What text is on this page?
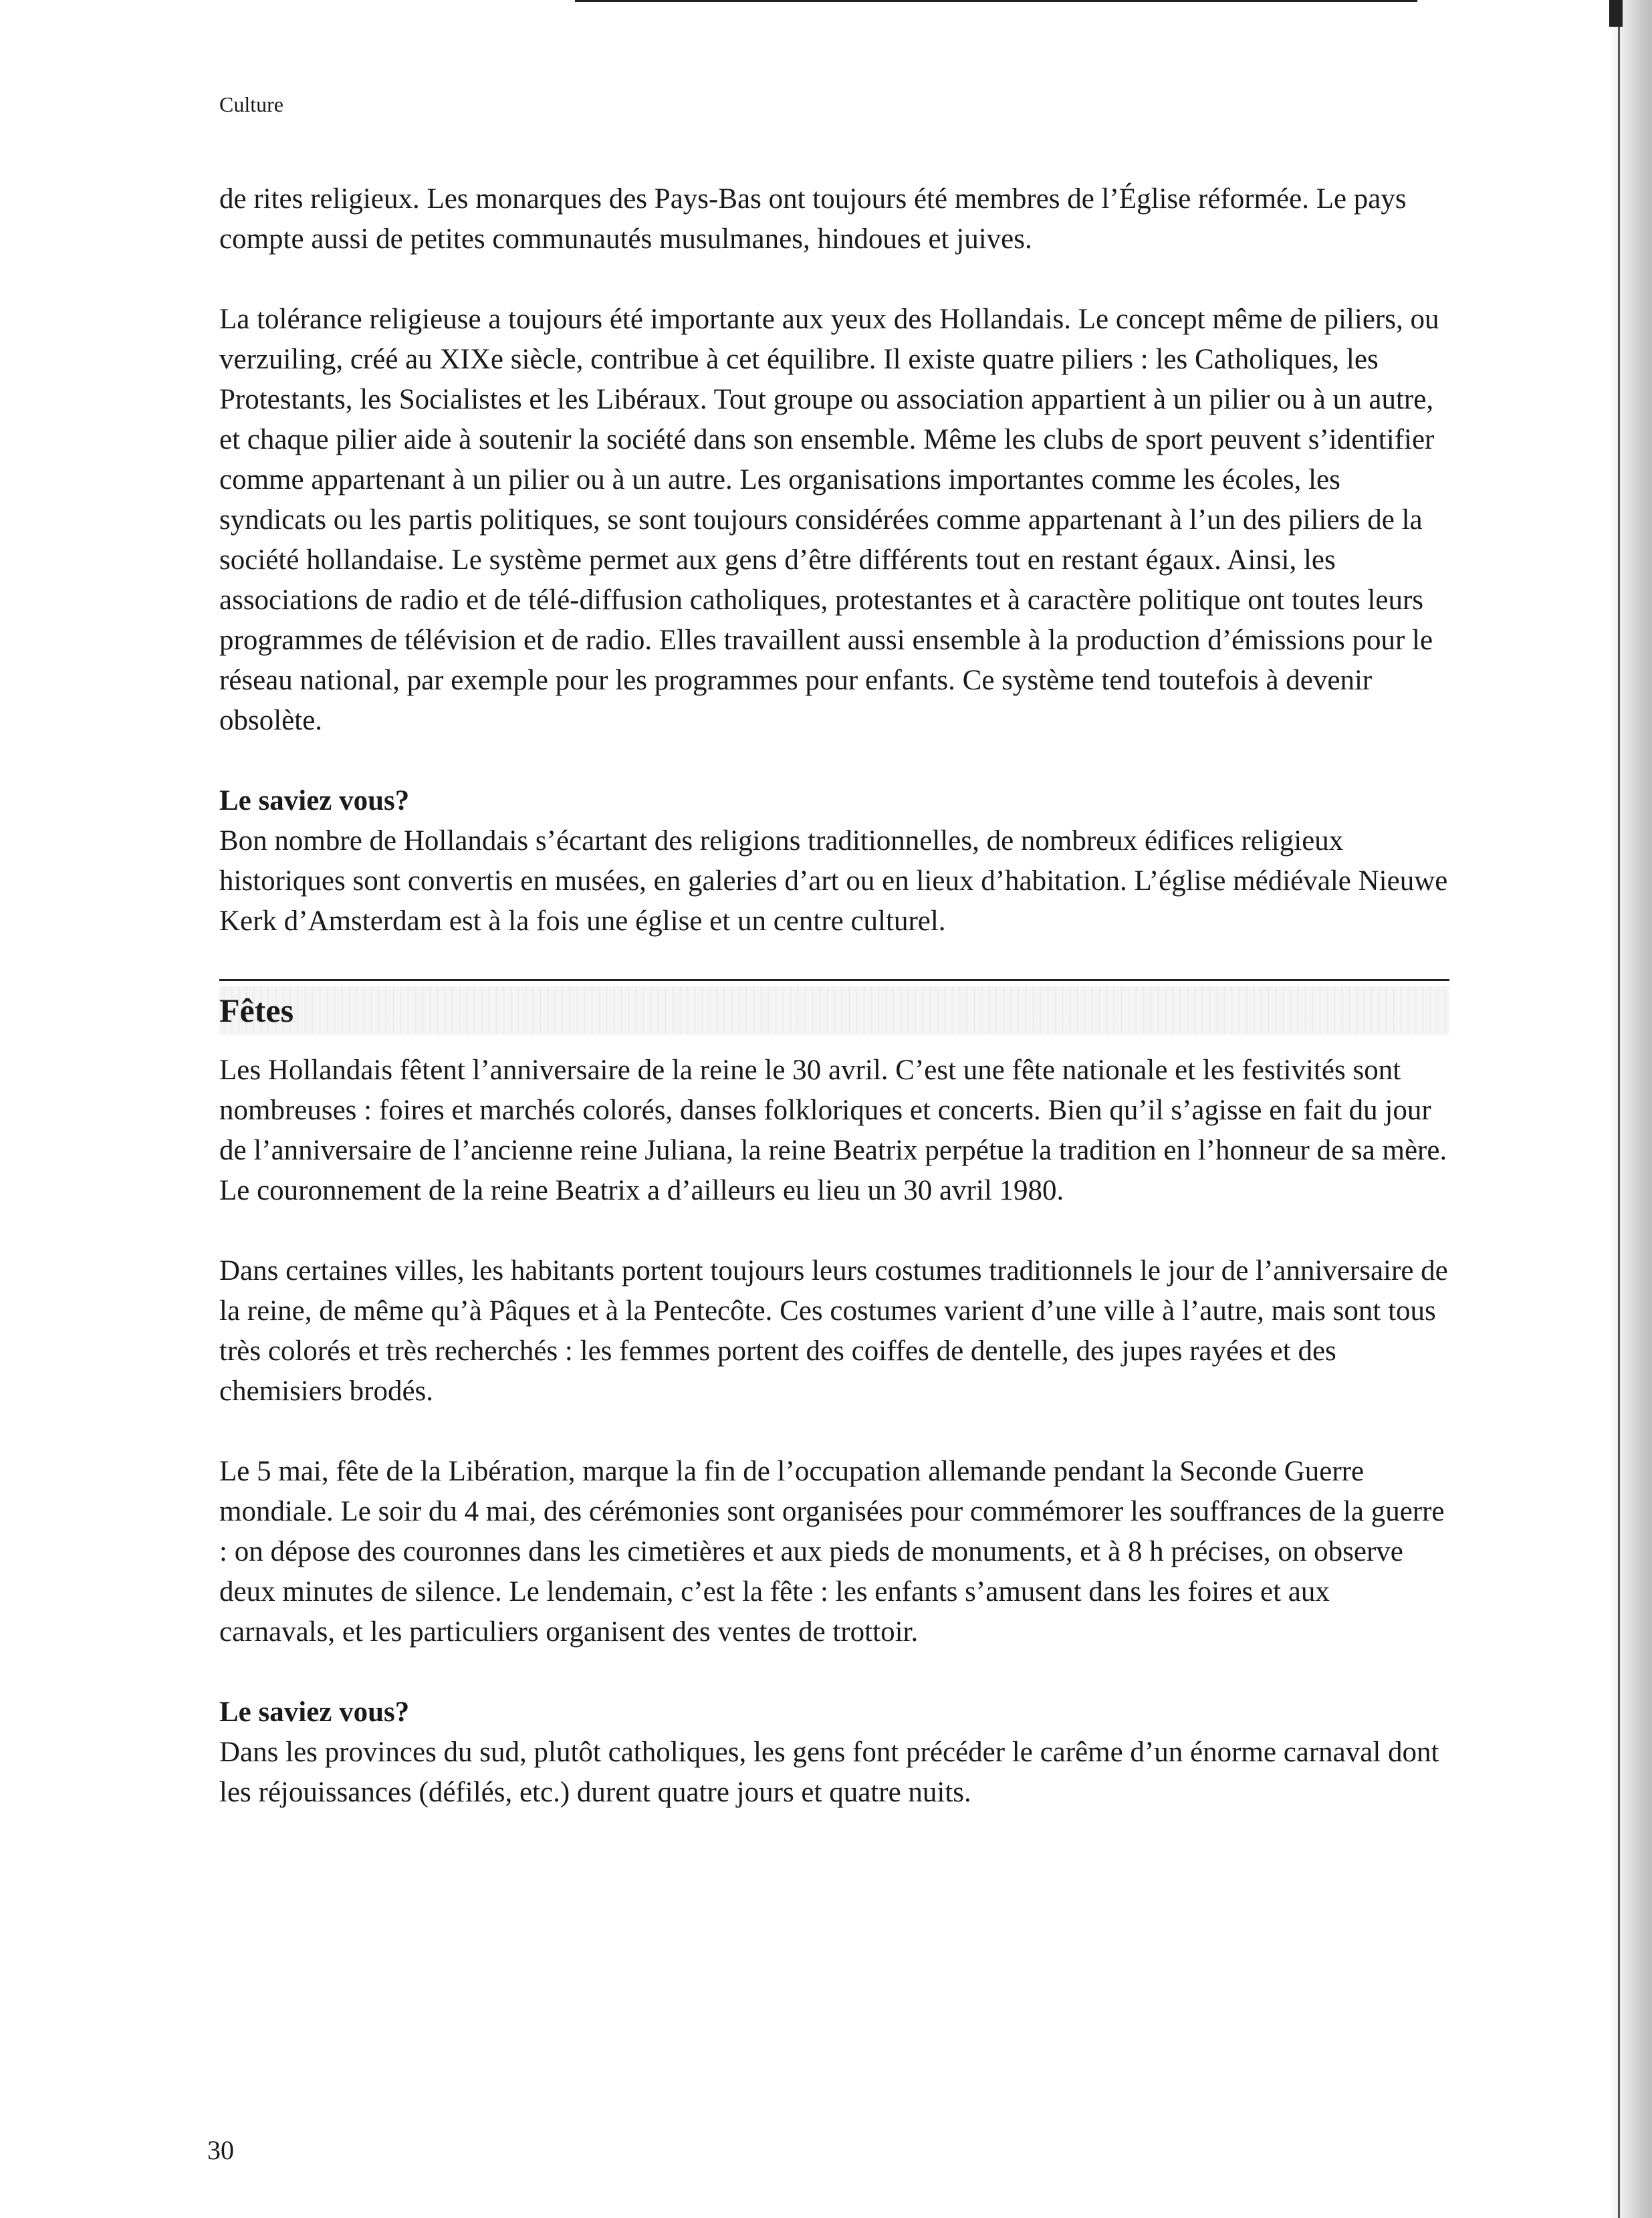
Culture

de rites religieux. Les monarques des Pays-Bas ont toujours été membres de l’Église réformée. Le pays compte aussi de petites communautés musulmanes, hindoues et juives.

La tolérance religieuse a toujours été importante aux yeux des Hollandais. Le concept même de piliers, ou verzuiling, créé au XIXe siècle, contribue à cet équilibre. Il existe quatre piliers : les Catholiques, les Protestants, les Socialistes et les Libéraux. Tout groupe ou association appartient à un pilier ou à un autre, et chaque pilier aide à soutenir la société dans son ensemble. Même les clubs de sport peuvent s’identifier comme appartenant à un pilier ou à un autre. Les organisations importantes comme les écoles, les syndicats ou les partis politiques, se sont toujours considérées comme appartenant à l’un des piliers de la société hollandaise. Le système permet aux gens d’être différents tout en restant égaux. Ainsi, les associations de radio et de télé-diffusion catholiques, protestantes et à caractère politique ont toutes leurs programmes de télévision et de radio. Elles travaillent aussi ensemble à la production d’émissions pour le réseau national, par exemple pour les programmes pour enfants. Ce système tend toutefois à devenir obsolète.

Le saviez vous?

Bon nombre de Hollandais s’écartant des religions traditionnelles, de nombreux édifices religieux historiques sont convertis en musées, en galeries d’art ou en lieux d’habitation. L’église médiévale Nieuwe Kerk d’Amsterdam est à la fois une église et un centre culturel.

Fêtes

Les Hollandais fêtent l’anniversaire de la reine le 30 avril. C’est une fête nationale et les festivités sont nombreuses : foires et marchés colorés, danses folkloriques et concerts. Bien qu’il s’agisse en fait du jour de l’anniversaire de l’ancienne reine Juliana, la reine Beatrix perpétue la tradition en l’honneur de sa mère. Le couronnement de la reine Beatrix a d’ailleurs eu lieu un 30 avril 1980.

Dans certaines villes, les habitants portent toujours leurs costumes traditionnels le jour de l’anniversaire de la reine, de même qu’à Pâques et à la Pentecôte. Ces costumes varient d’une ville à l’autre, mais sont tous très colorés et très recherchés : les femmes portent des coiffes de dentelle, des jupes rayées et des chemisiers brodés.

Le 5 mai, fête de la Libération, marque la fin de l’occupation allemande pendant la Seconde Guerre mondiale. Le soir du 4 mai, des cérémonies sont organisées pour commémorer les souffrances de la guerre : on dépose des couronnes dans les cimetières et aux pieds de monuments, et à 8 h précises, on observe deux minutes de silence. Le lendemain, c’est la fête : les enfants s’amusent dans les foires et aux carnavals, et les particuliers organisent des ventes de trottoir.

Le saviez vous?

Dans les provinces du sud, plutôt catholiques, les gens font précéder le carême d’un énorme carnaval dont les réjouissances (défilés, etc.) durent quatre jours et quatre nuits.

30
